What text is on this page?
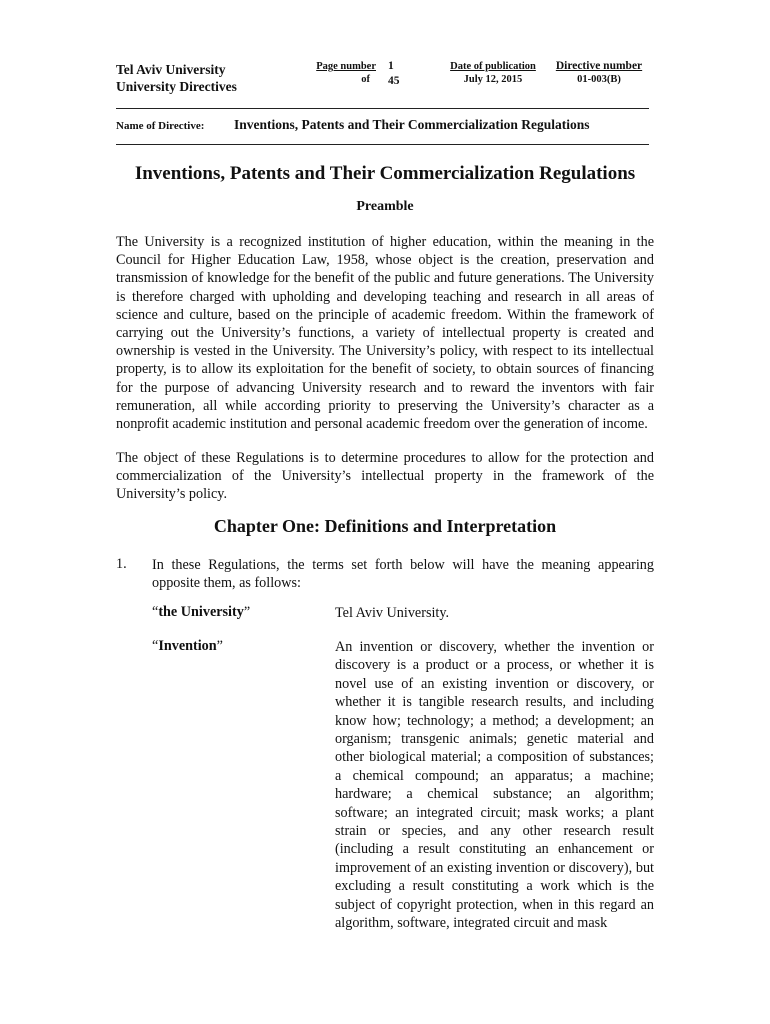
Tel Aviv University
University Directives
Page number
of
1
45
Date of publication
July 12, 2015
Directive number
01-003(B)
Name of Directive: Inventions, Patents and Their Commercialization Regulations
Inventions, Patents and Their Commercialization Regulations
Preamble

The University is a recognized institution of higher education, within the meaning in the Council for Higher Education Law, 1958, whose object is the creation, preservation and transmission of knowledge for the benefit of the public and future generations. The University is therefore charged with upholding and developing teaching and research in all areas of science and culture, based on the principle of academic freedom. Within the framework of carrying out the University’s functions, a variety of intellectual property is created and ownership is vested in the University. The University’s policy, with respect to its intellectual property, is to allow its exploitation for the benefit of society, to obtain sources of financing for the purpose of advancing University research and to reward the inventors with fair remuneration, all while according priority to preserving the University’s character as a nonprofit academic institution and personal academic freedom over the generation of income.

The object of these Regulations is to determine procedures to allow for the protection and commercialization of the University’s intellectual property in the framework of the University’s policy.

Chapter One: Definitions and Interpretation
1. In these Regulations, the terms set forth below will have the meaning appearing opposite them, as follows:

“the University”	Tel Aviv University.

“Invention”	An invention or discovery, whether the invention or discovery is a product or a process, or whether it is novel use of an existing invention or discovery, or whether it is tangible research results, and including know how; technology; a method; a development; an organism; transgenic animals; genetic material and other biological material; a composition of substances; a chemical compound; an apparatus; a machine; hardware; a chemical substance; an algorithm; software; an integrated circuit; mask works; a plant strain or species, and any other research result (including a result constituting an enhancement or improvement of an existing invention or discovery), but excluding a result constituting a work which is the subject of copyright protection, when in this regard an algorithm, software, integrated circuit and mask
